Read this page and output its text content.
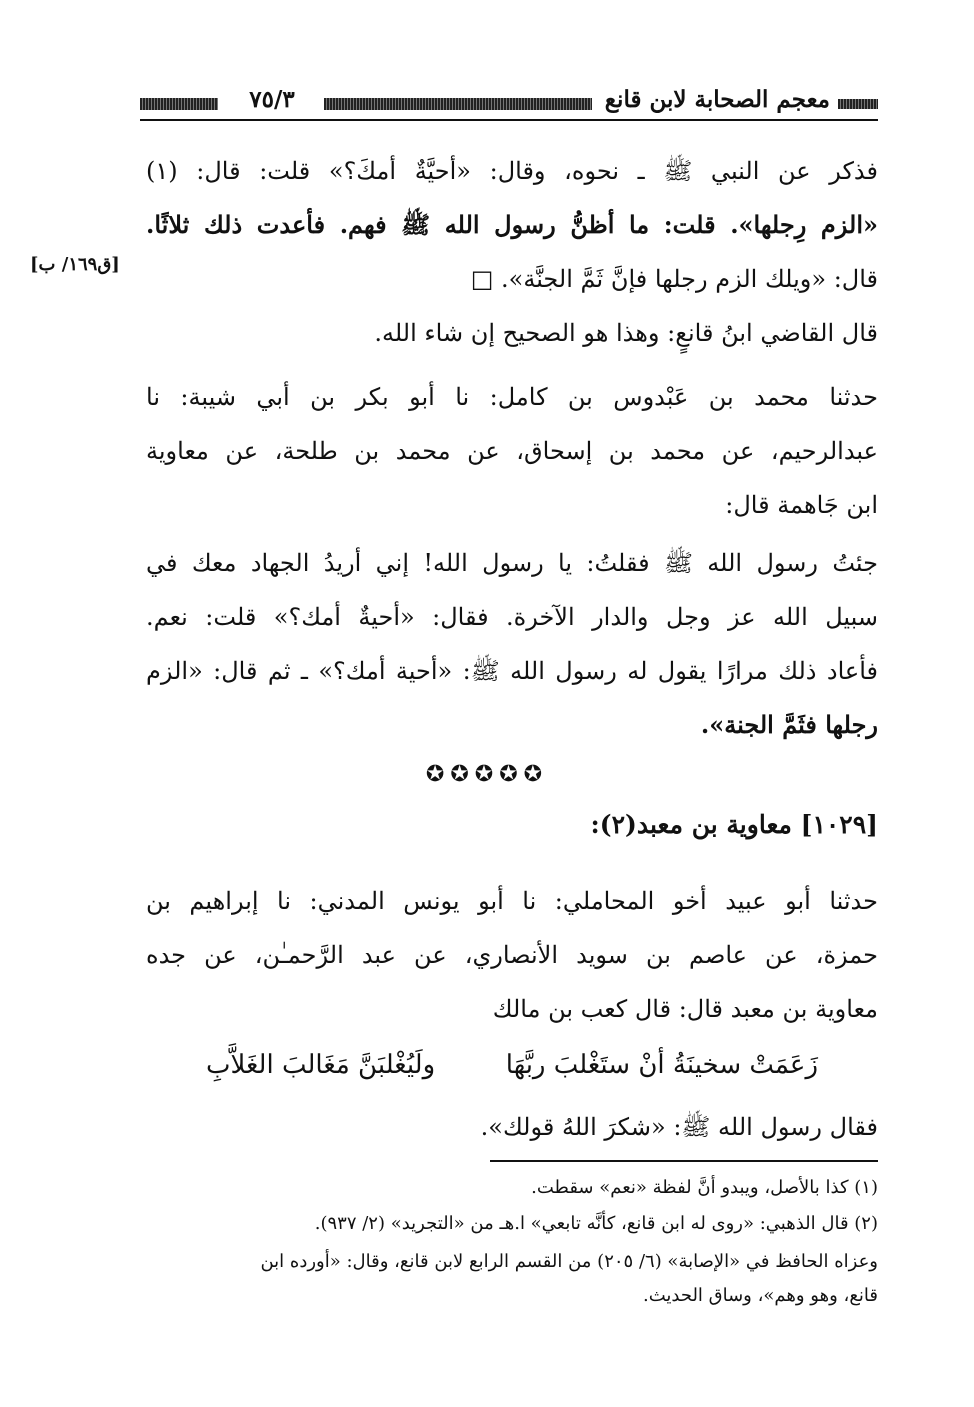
معجم الصحابة لابن قانع
٧٥/٣
[ق١٦٩/ ب]
فذكر عن النبي ﷺ ـ نحوه، وقال: «أحيَّةٌ أمكَ؟» قلت: قال: (١)
«الزم رِجلها». قلت: ما أظنُّ رسول الله ﷺ فهم. فأعدت ذلك ثلاثًا.
قال: «ويلك الزم رجلها فإنَّ ثَمَّ الجنَّة». □
قال القاضي ابنُ قانعٍ: وهذا هو الصحيح إن شاء الله.
حدثنا محمد بن عَبْدوس بن كامل: نا أبو بكر بن أبي شيبة: نا
عبدالرحيم، عن محمد بن إسحاق، عن محمد بن طلحة، عن معاوية
ابن جَاهمة قال:
جئتُ رسول الله ﷺ فقلتُ: يا رسول الله! إني أريدُ الجهاد معك في
سبيل الله عز وجل والدار الآخرة. فقال: «أحيةٌ أمك؟» قلت: نعم.
فأعاد ذلك مرارًا يقول له رسول الله ﷺ: «أحية أمك؟» ـ ثم قال: «الزم
رجلها فثَمَّ الجنة».
✪✪✪✪✪
[١٠٢٩] معاوية بن معبد(٢):
حدثنا أبو عبيد أخو المحاملي: نا أبو يونس المدني: نا إبراهيم بن
حمزة، عن عاصم بن سويد الأنصاري، عن عبد الرَّحمـٰن، عن جده
معاوية بن معبد قال: قال كعب بن مالك
زَعَمَتْ سخينَةُ أنْ ستَغْلبَ ربَّهَا
ولَيُغْلبَنَّ مَغَالبَ الغَلاَّبِ
فقال رسول الله ﷺ: «شكرَ اللهُ قولك».
(١) كذا بالأصل، ويبدو أنَّ لفظة «نعم» سقطت.
(٢) قال الذهبي: «روى له ابن قانع، كأنَّه تابعي» ا.هـ من «التجريد» (٢/ ٩٣٧).
وعزاه الحافظ في «الإصابة» (٦/ ٢٠٥) من القسم الرابع لابن قانع، وقال: «أورده ابن
قانع، وهو وهم»، وساق الحديث.
